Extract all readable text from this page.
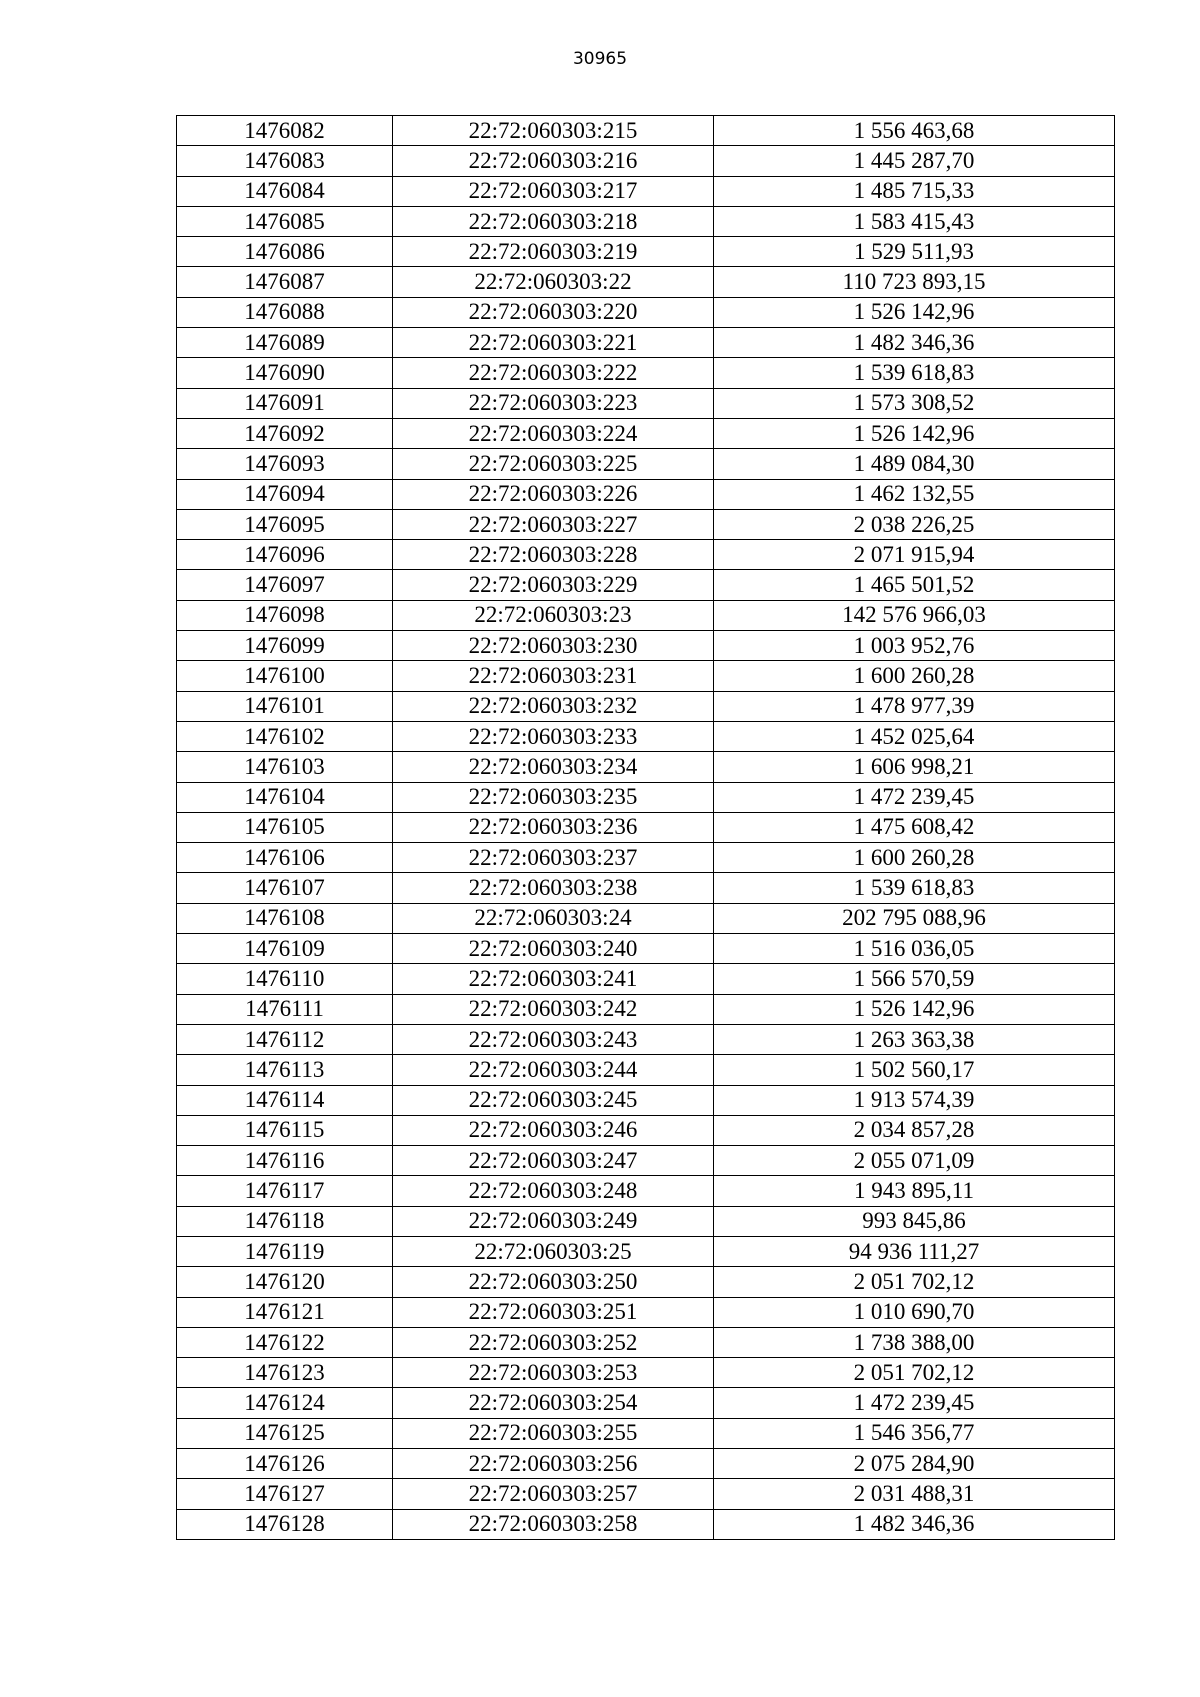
30965
1476082	22:72:060303:215	1 556 463,68
1476083	22:72:060303:216	1 445 287,70
1476084	22:72:060303:217	1 485 715,33
1476085	22:72:060303:218	1 583 415,43
1476086	22:72:060303:219	1 529 511,93
1476087	22:72:060303:22	110 723 893,15
1476088	22:72:060303:220	1 526 142,96
1476089	22:72:060303:221	1 482 346,36
1476090	22:72:060303:222	1 539 618,83
1476091	22:72:060303:223	1 573 308,52
1476092	22:72:060303:224	1 526 142,96
1476093	22:72:060303:225	1 489 084,30
1476094	22:72:060303:226	1 462 132,55
1476095	22:72:060303:227	2 038 226,25
1476096	22:72:060303:228	2 071 915,94
1476097	22:72:060303:229	1 465 501,52
1476098	22:72:060303:23	142 576 966,03
1476099	22:72:060303:230	1 003 952,76
1476100	22:72:060303:231	1 600 260,28
1476101	22:72:060303:232	1 478 977,39
1476102	22:72:060303:233	1 452 025,64
1476103	22:72:060303:234	1 606 998,21
1476104	22:72:060303:235	1 472 239,45
1476105	22:72:060303:236	1 475 608,42
1476106	22:72:060303:237	1 600 260,28
1476107	22:72:060303:238	1 539 618,83
1476108	22:72:060303:24	202 795 088,96
1476109	22:72:060303:240	1 516 036,05
1476110	22:72:060303:241	1 566 570,59
1476111	22:72:060303:242	1 526 142,96
1476112	22:72:060303:243	1 263 363,38
1476113	22:72:060303:244	1 502 560,17
1476114	22:72:060303:245	1 913 574,39
1476115	22:72:060303:246	2 034 857,28
1476116	22:72:060303:247	2 055 071,09
1476117	22:72:060303:248	1 943 895,11
1476118	22:72:060303:249	993 845,86
1476119	22:72:060303:25	94 936 111,27
1476120	22:72:060303:250	2 051 702,12
1476121	22:72:060303:251	1 010 690,70
1476122	22:72:060303:252	1 738 388,00
1476123	22:72:060303:253	2 051 702,12
1476124	22:72:060303:254	1 472 239,45
1476125	22:72:060303:255	1 546 356,77
1476126	22:72:060303:256	2 075 284,90
1476127	22:72:060303:257	2 031 488,31
1476128	22:72:060303:258	1 482 346,36
